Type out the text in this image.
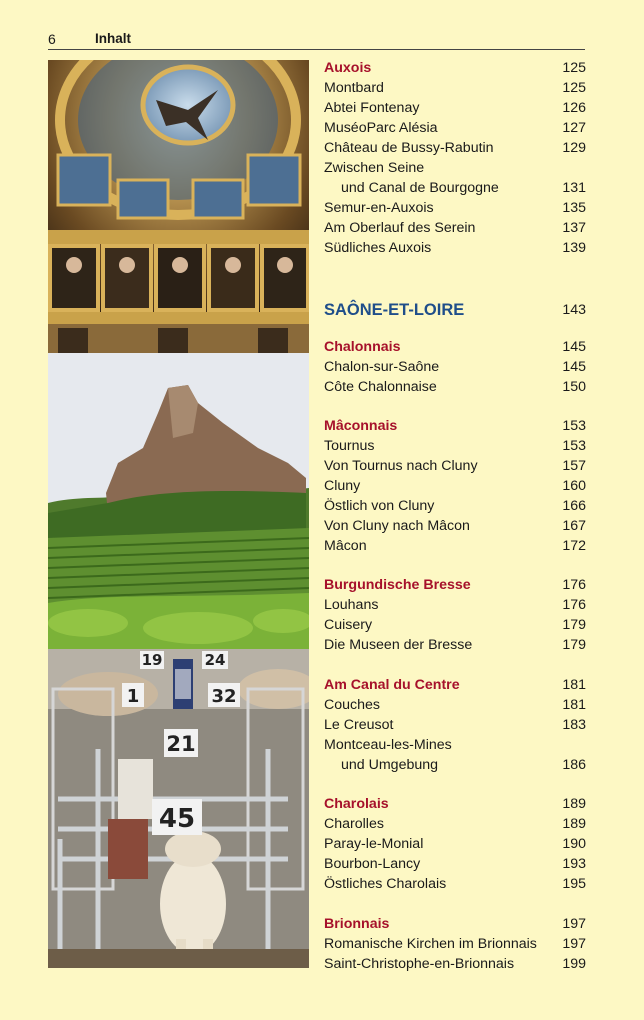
6	Inhalt
19	24
1	32
21
45
Auxois	125
Montbard	125
Abtei Fontenay	126
MuséoParc Alésia	127
Château de Bussy-Rabutin	129
Zwischen Seine
und Canal de Bourgogne	131
Semur-en-Auxois	135
Am Oberlauf des Serein	137
Südliches Auxois	139
SAÔNE-ET-LOIRE	143
Chalonnais	145
Chalon-sur-Saône	145
Côte Chalonnaise	150
Mâconnais	153
Tournus	153
Von Tournus nach Cluny	157
Cluny	160
Östlich von Cluny	166
Von Cluny nach Mâcon	167
Mâcon	172
Burgundische Bresse	176
Louhans	176
Cuisery	179
Die Museen der Bresse	179
Am Canal du Centre	181
Couches	181
Le Creusot	183
Montceau-les-Mines
und Umgebung	186
Charolais	189
Charolles	189
Paray-le-Monial	190
Bourbon-Lancy	193
Östliches Charolais	195
Brionnais	197
Romanische Kirchen im Brionnais 197
Saint-Christophe-en-Brionnais	199
